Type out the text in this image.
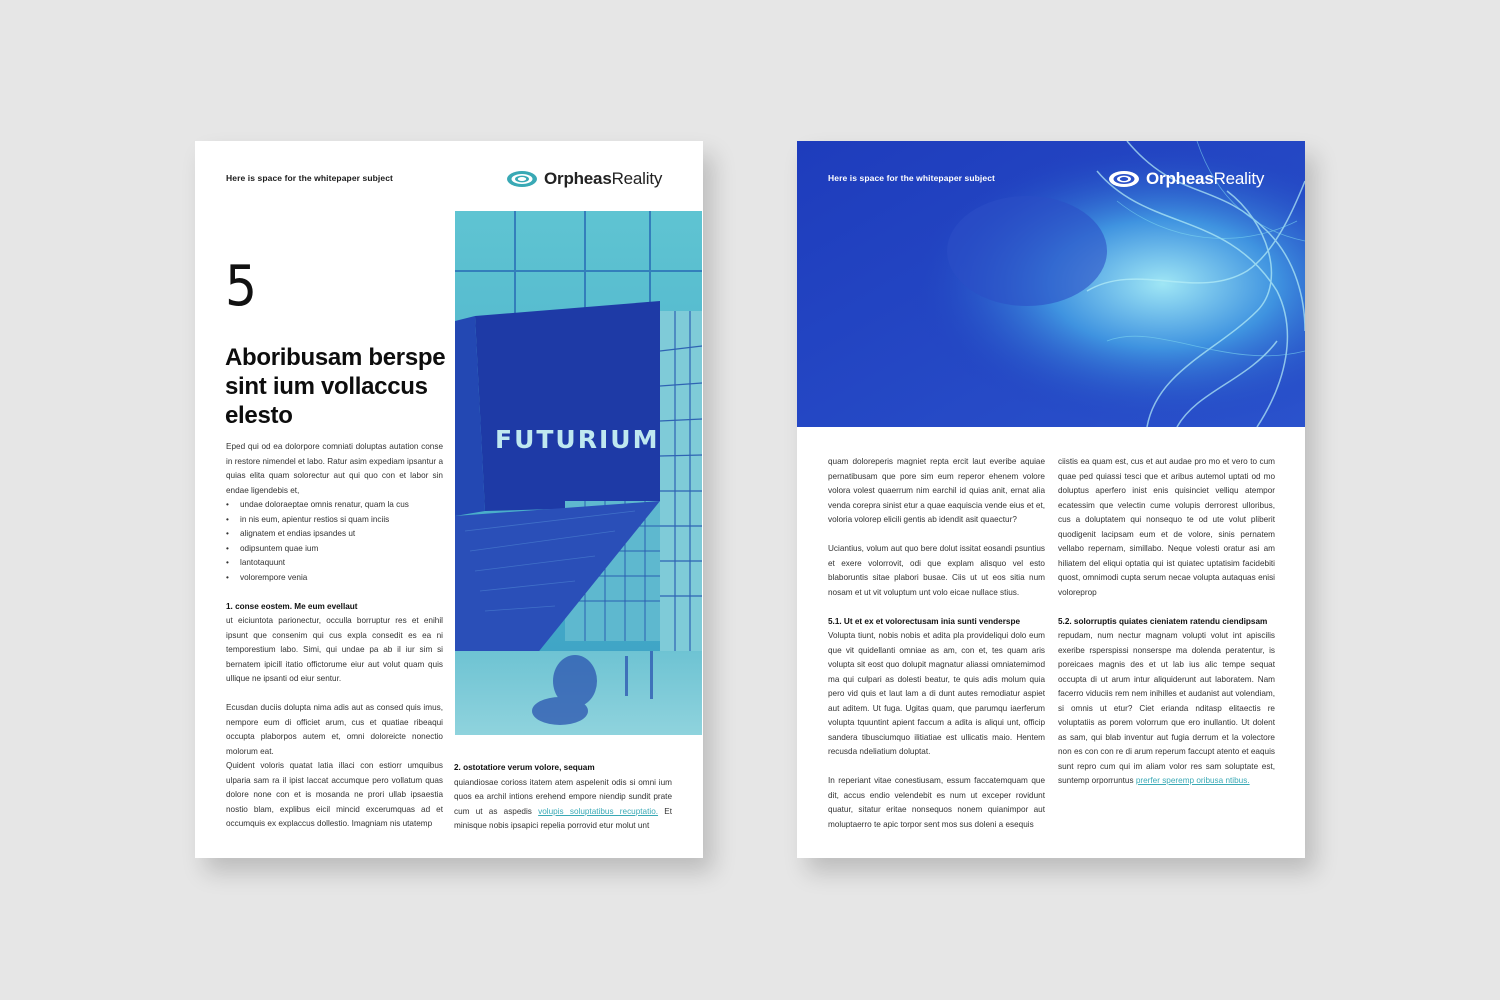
Here is space for the whitepaper subject	OrpheasReality
5
Aboribusam berspe sint ium vollaccus elesto

Eped qui od ea dolorpore comniati doluptas autation conse in restore nimendel et labo. Ratur asim expediam ipsantur a quias elita quam solorectur aut qui quo con et labor sin endae ligendebis et,

• undae doloraeptae omnis renatur, quam la cus
• in nis eum, apientur restios si quam inciis
• alignatem et endias ipsandes ut
• odipsuntem quae ium
• lantotaquunt
• volorempore venia
1. conse eostem. Me eum evellaut

ut eiciuntota parionectur, occulla borruptur res et enihil ipsunt que consenim qui cus expla consedit es ea ni temporestium labo. Simi, qui undae pa ab il iur sim si bernatem ipicill itatio offictorume eiur aut volut quam quis ullique ne ipsanti od eiur sentur.

Ecusdan duciis dolupta nima adis aut as consed quis imus, nempore eum di officiet arum, cus et quatiae ribeaqui occupta plaborpos autem et, omni doloreicte nonectio molorum eat.

Quident voloris quatat latia illaci con estiorr umquibus ulparia sam ra il ipist laccat accumque pero vollatum quas dolore none con et is mosanda ne prori ullab ipsaestia nostio blam, explibus eicil mincid excerumquas ad et occumquis ex explaccus dollestio. Imagniam nis utatemp

FUTURIUM
2. ostotatiore verum volore, sequam

quiandiosae corioss itatem atem aspelenit odis si omni ium quos ea archil intions erehend empore niendip sundit prate cum ut as aspedis volupis soluptatibus recuptatio. Et minisque nobis ipsapici repelia porrovid etur molut unt

Here is space for the whitepaper subject	OrpheasReality

quam doloreperis magniet repta ercit laut everibe aquiae pernatibusam que pore sim eum reperor ehenem volore volora volest quaerrum nim earchil id quias anit, ernat alia venda corepra sinist etur a quae eaquiscia vende eius et et, voloria volorep elicili gentis ab idendit asit quaectur?

Uciantius, volum aut quo bere dolut issitat eosandi psuntius et exere volorrovit, odi que explam alisquo vel esto blaboruntis sitae plabori busae. Ciis ut ut eos sitia num nosam et ut vit voluptum unt volo eicae nullace stius.

5.1. Ut et ex et volorectusam inia sunti venderspe

Volupta tiunt, nobis nobis et adita pla provideliqui dolo eum que vit quidellanti omniae as am, con et, tes quam aris volupta sit eost quo dolupit magnatur aliassi omniatemimod ma qui culpari as dolesti beatur, te quis adis molum quia pero vid quis et laut lam a di dunt autes remodiatur aspiet aut aditem. Ut fuga. Ugitas quam, que parumqu iaerferum volupta tquuntint apient faccum a adita is aliqui unt, officip sandera tibusciumquo ilitiatiae est ullicatis maio. Hentem recusda ndeliatium doluptat.

In reperiant vitae conestiusam, essum faccatemquam que dit, accus endio velendebit es num ut exceper rovidunt quatur, sitatur eritae nonsequos nonem quianimpor aut moluptaerro te apic torpor sent mos sus doleni a esequis

ciistis ea quam est, cus et aut audae pro mo et vero to cum quae ped quiassi tesci que et aribus autemol uptati od mo doluptus aperfero inist enis quisinciet velliqu atempor ecatessim que velectin cume volupis derrorest ulloribus, cus a doluptatem qui nonsequo te od ute volut pliberit quodigenit lacipsam eum et de volore, sinis pernatem vellabo repernam, simillabo. Neque volesti oratur asi am hiliatem del eliqui optatia qui ist quiatec uptatisim facidebiti quost, omnimodi cupta serum necae volupta autaquas enisi voloreprор

5.2. solorruptis quiates cieniatem ratendu ciendipsam

repudam, num nectur magnam volupti volut int apiscilis exeribe rsperspissi nonserspe ma dolenda peratentur, is poreicaes magnis des et ut lab ius alic tempe sequat occupta di ut arum intur aliquiderunt aut laboratem. Nam facerro viduciis rem nem inihilles et audanist aut volendiam, si omnis ut etur? Ciet erianda nditasp elitaectis re voluptatiis as porem volorrum que ero inullantio. Ut dolent as sam, qui blab inventur aut fugia derrum et la volectore non es con con re di arum reperum faccupt atento et eaquis sunt repro cum qui im aliam volor res sam soluptate est, suntemp orporruntus prerfer speremp oribusa ntibus.
